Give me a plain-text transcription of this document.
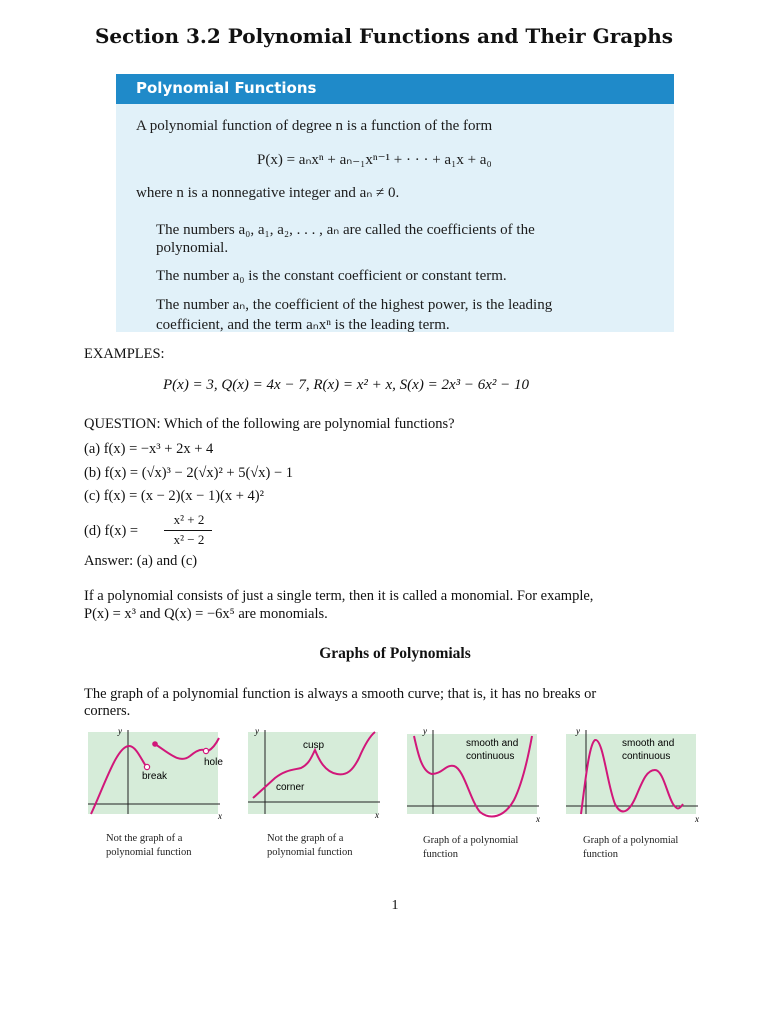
Section 3.2 Polynomial Functions and Their Graphs
Polynomial Functions
A polynomial function of degree n is a function of the form
P(x) = aₙxⁿ + aₙ₋₁xⁿ⁻¹ + · · · + a₁x + a₀
where n is a nonnegative integer and aₙ ≠ 0.
The numbers a₀, a₁, a₂, . . . , aₙ are called the coefficients of the
polynomial.
The number a₀ is the constant coefficient or constant term.
The number aₙ, the coefficient of the highest power, is the leading
coefficient, and the term aₙxⁿ is the leading term.
EXAMPLES:
P(x) = 3, Q(x) = 4x − 7, R(x) = x² + x, S(x) = 2x³ − 6x² − 10
QUESTION: Which of the following are polynomial functions?
(a) f(x) = −x³ + 2x + 4
(b) f(x) = (√x)³ − 2(√x)² + 5(√x) − 1
(c) f(x) = (x − 2)(x − 1)(x + 4)²
(d) f(x) =
x² + 2
x² − 2
Answer: (a) and (c)
If a polynomial consists of just a single term, then it is called a monomial. For example,
P(x) = x³ and Q(x) = −6x⁵ are monomials.
Graphs of Polynomials
The graph of a polynomial function is always a smooth curve; that is, it has no breaks or
corners.
y
x
hole
break
Not the graph of a
polynomial function
y
x
cusp
corner
Not the graph of a
polynomial function
y
x
smooth and
continuous
Graph of a polynomial
function
y
x
smooth and
continuous
Graph of a polynomial
function
1
